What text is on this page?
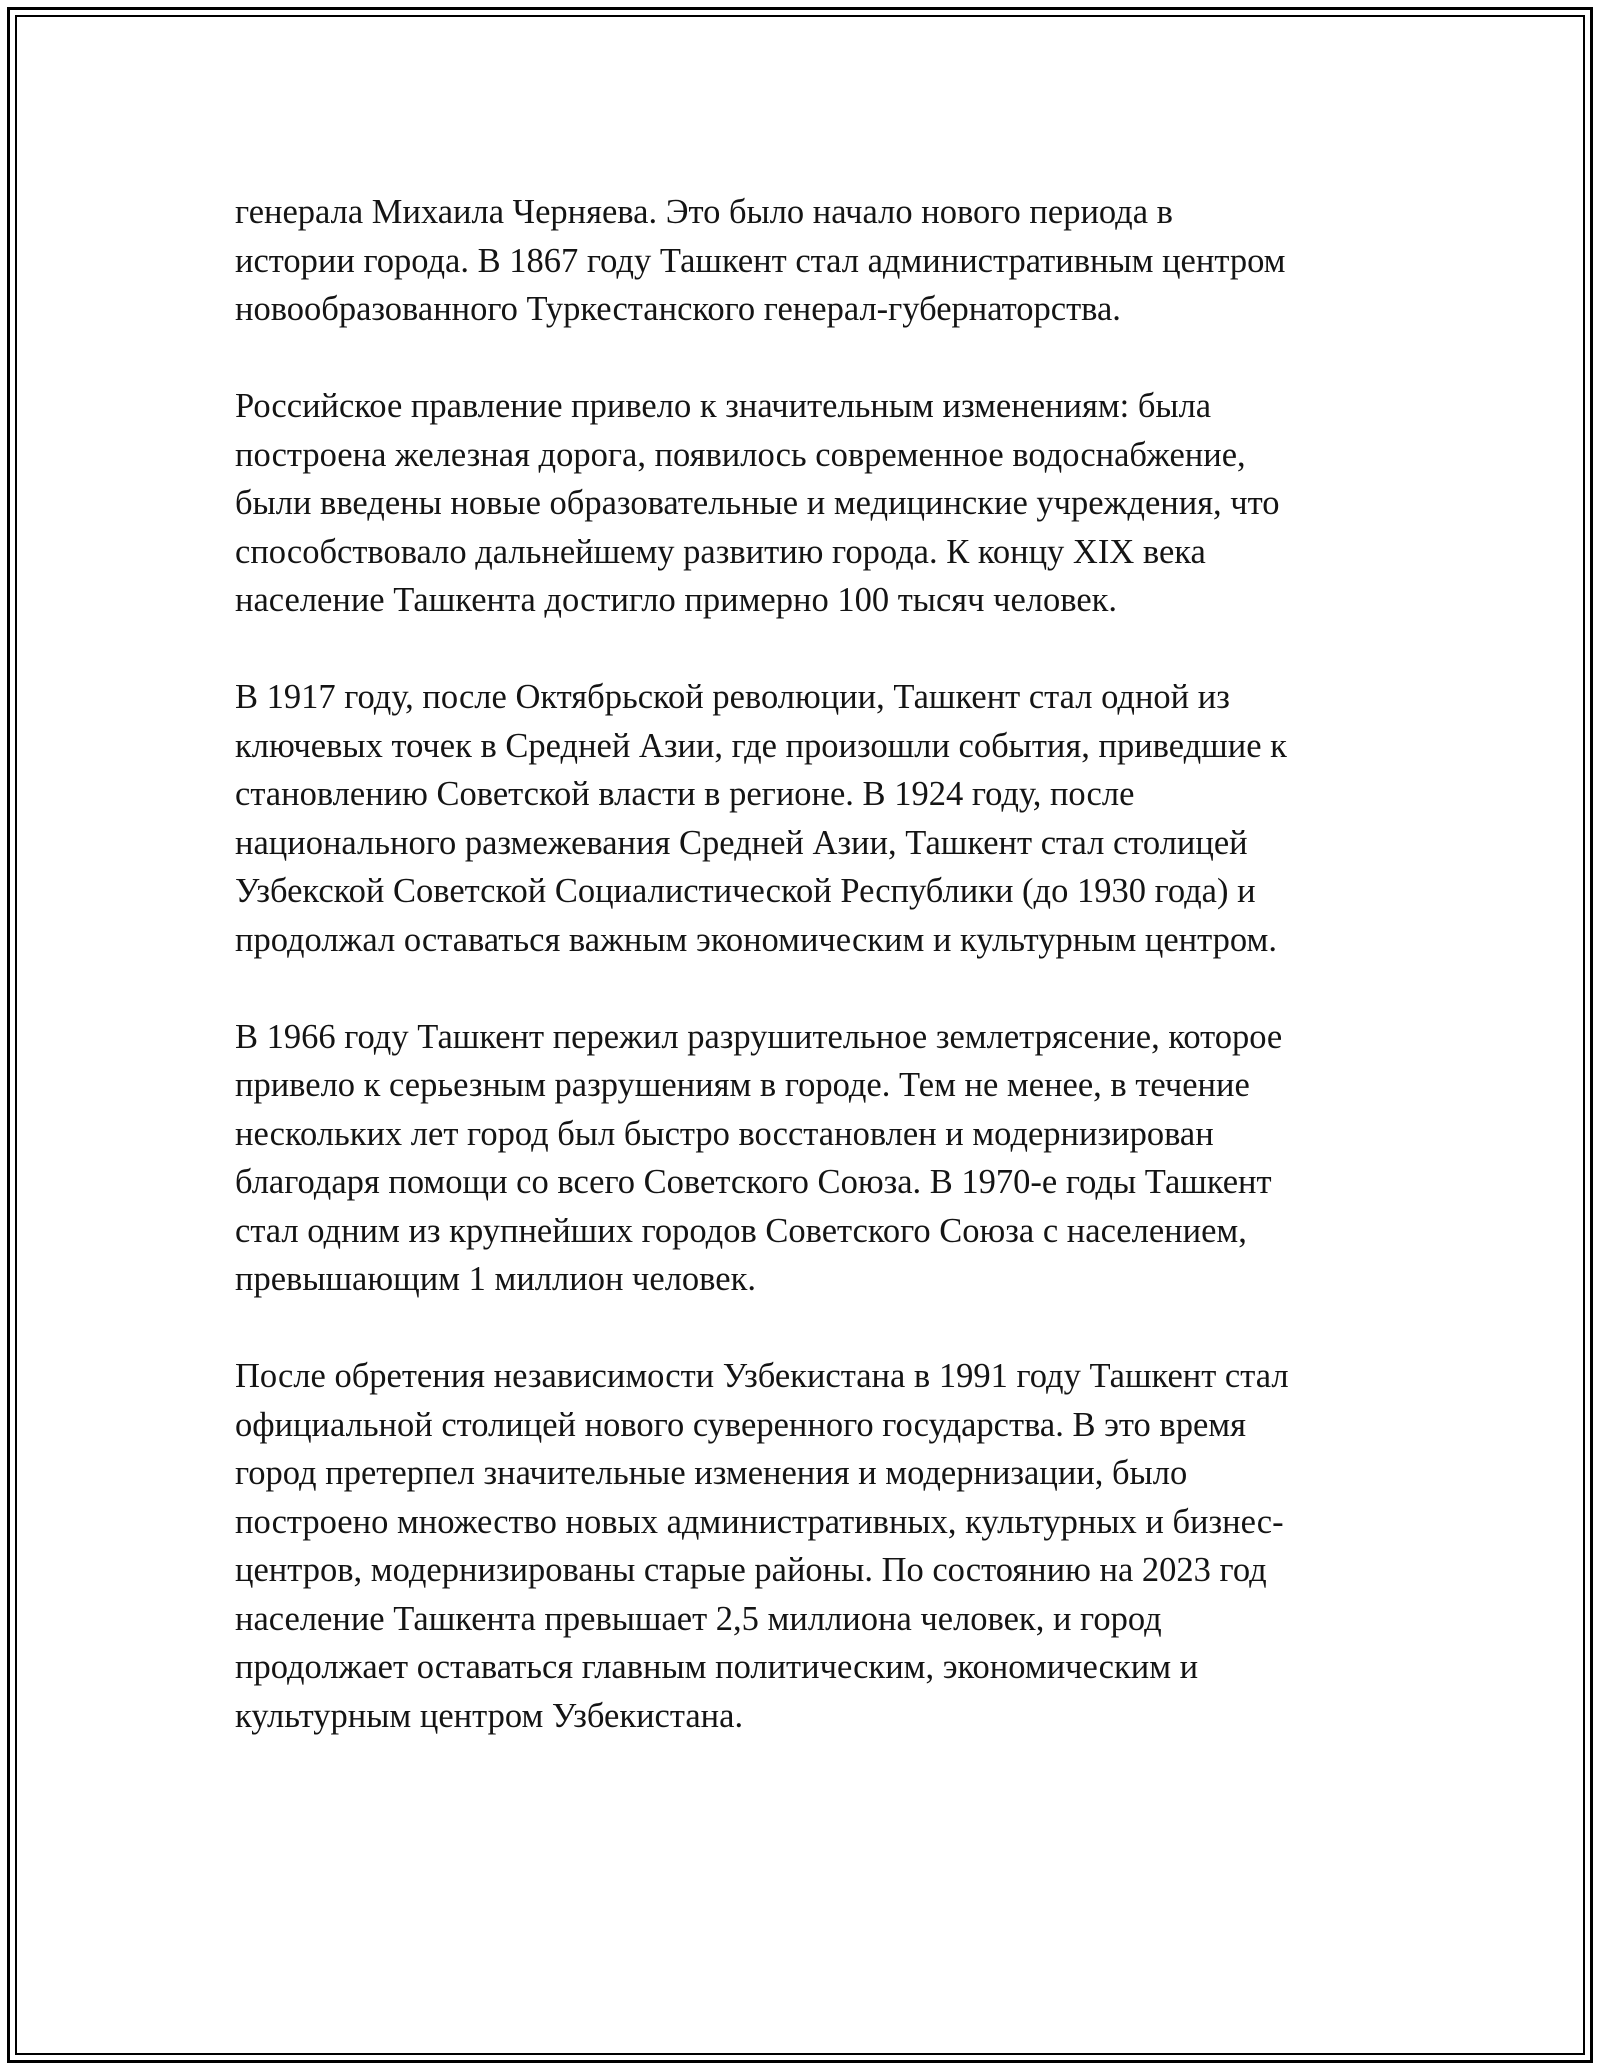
генерала Михаила Черняева. Это было начало нового периода в
истории города. В 1867 году Ташкент стал административным центром
новообразованного Туркестанского генерал-губернаторства.

Российское правление привело к значительным изменениям: была
построена железная дорога, появилось современное водоснабжение,
были введены новые образовательные и медицинские учреждения, что
способствовало дальнейшему развитию города. К концу XIX века
население Ташкента достигло примерно 100 тысяч человек.

В 1917 году, после Октябрьской революции, Ташкент стал одной из
ключевых точек в Средней Азии, где произошли события, приведшие к
становлению Советской власти в регионе. В 1924 году, после
национального размежевания Средней Азии, Ташкент стал столицей
Узбекской Советской Социалистической Республики (до 1930 года) и
продолжал оставаться важным экономическим и культурным центром.

В 1966 году Ташкент пережил разрушительное землетрясение, которое
привело к серьезным разрушениям в городе. Тем не менее, в течение
нескольких лет город был быстро восстановлен и модернизирован
благодаря помощи со всего Советского Союза. В 1970-е годы Ташкент
стал одним из крупнейших городов Советского Союза с населением,
превышающим 1 миллион человек.

После обретения независимости Узбекистана в 1991 году Ташкент стал
официальной столицей нового суверенного государства. В это время
город претерпел значительные изменения и модернизации, было
построено множество новых административных, культурных и бизнес-
центров, модернизированы старые районы. По состоянию на 2023 год
население Ташкента превышает 2,5 миллиона человек, и город
продолжает оставаться главным политическим, экономическим и
культурным центром Узбекистана.
